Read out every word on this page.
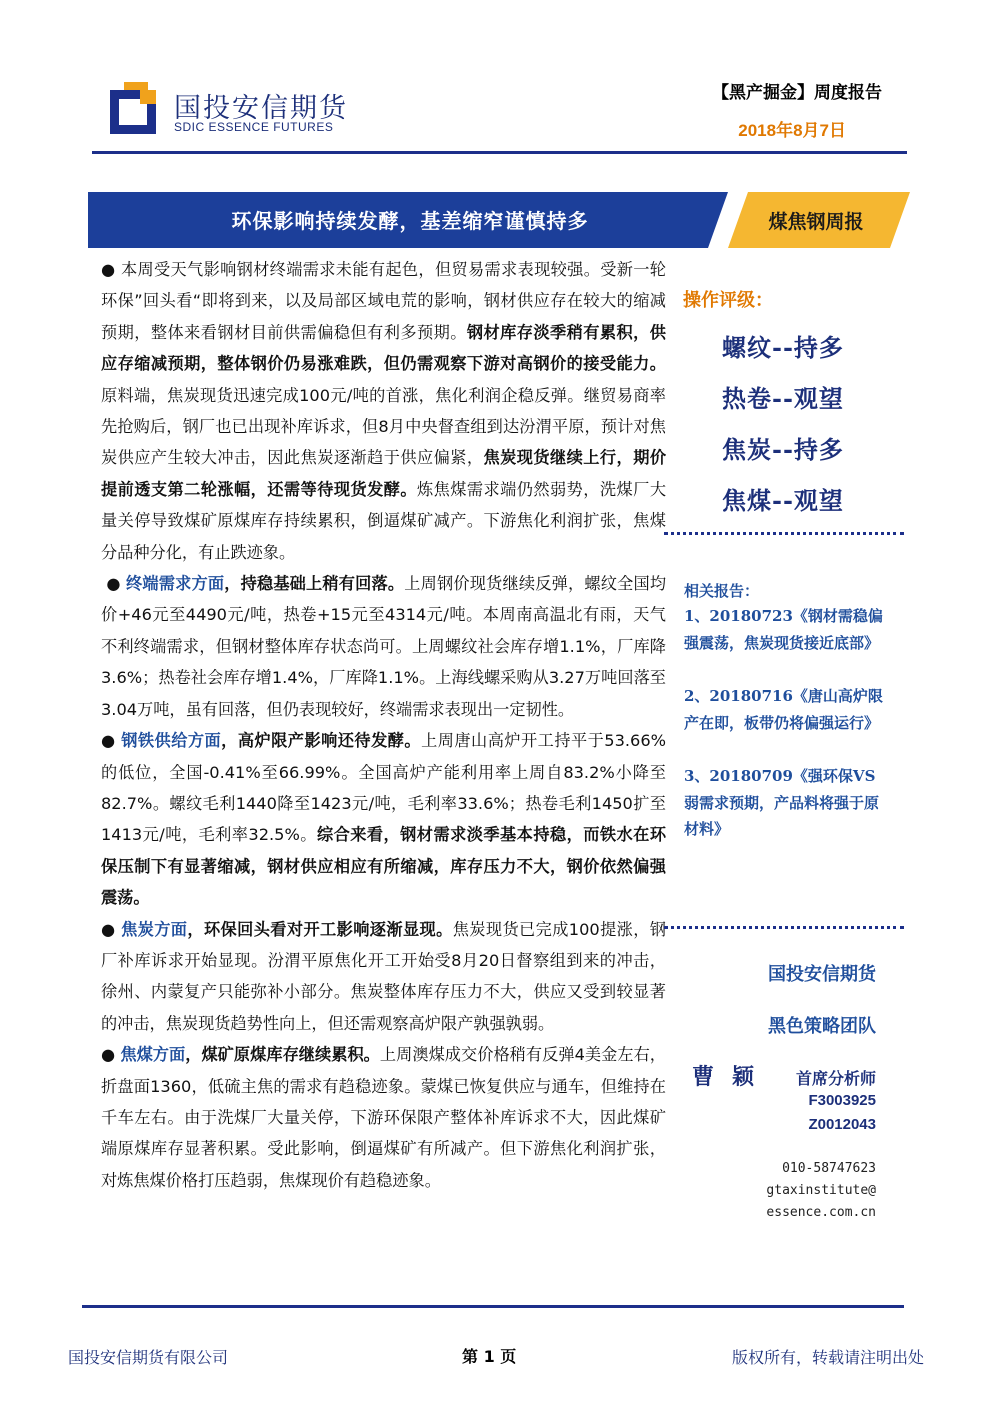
国投安信期货
SDIC ESSENCE FUTURES
【黑产掘金】周度报告
2018年8月7日
环保影响持续发酵，基差缩窄谨慎持多	煤焦钢周报

● 本周受天气影响钢材终端需求未能有起色，但贸易需求表现较强。受新一轮环保”回头看“即将到来，以及局部区域电荒的影响，钢材供应存在较大的缩减预期，整体来看钢材目前供需偏稳但有利多预期。钢材库存淡季稍有累积，供应存缩减预期，整体钢价仍易涨难跌，但仍需观察下游对高钢价的接受能力。原料端，焦炭现货迅速完成100元/吨的首涨，焦化利润企稳反弹。继贸易商率先抢购后，钢厂也已出现补库诉求，但8月中央督查组到达汾渭平原，预计对焦炭供应产生较大冲击，因此焦炭逐渐趋于供应偏紧，焦炭现货继续上行，期价提前透支第二轮涨幅，还需等待现货发酵。炼焦煤需求端仍然弱势，洗煤厂大量关停导致煤矿原煤库存持续累积，倒逼煤矿减产。下游焦化利润扩张，焦煤分品种分化，有止跌迹象。

● 终端需求方面，持稳基础上稍有回落。上周钢价现货继续反弹，螺纹全国均价+46元至4490元/吨，热卷+15元至4314元/吨。本周南高温北有雨，天气不利终端需求，但钢材整体库存状态尚可。上周螺纹社会库存增1.1%，厂库降3.6%；热卷社会库存增1.4%，厂库降1.1%。上海线螺采购从3.27万吨回落至3.04万吨，虽有回落，但仍表现较好，终端需求表现出一定韧性。

● 钢铁供给方面，高炉限产影响还待发酵。上周唐山高炉开工持平于53.66%的低位，全国-0.41%至66.99%。全国高炉产能利用率上周自83.2%小降至82.7%。螺纹毛利1440降至1423元/吨，毛利率33.6%；热卷毛利1450扩至1413元/吨，毛利率32.5%。综合来看，钢材需求淡季基本持稳，而铁水在环保压制下有显著缩减，钢材供应相应有所缩减，库存压力不大，钢价依然偏强震荡。

● 焦炭方面，环保回头看对开工影响逐渐显现。焦炭现货已完成100提涨，钢厂补库诉求开始显现。汾渭平原焦化开工开始受8月20日督察组到来的冲击，徐州、内蒙复产只能弥补小部分。焦炭整体库存压力不大，供应又受到较显著的冲击，焦炭现货趋势性向上，但还需观察高炉限产孰强孰弱。

● 焦煤方面，煤矿原煤库存继续累积。上周澳煤成交价格稍有反弹4美金左右，折盘面1360，低硫主焦的需求有趋稳迹象。蒙煤已恢复供应与通车，但维持在千车左右。由于洗煤厂大量关停，下游环保限产整体补库诉求不大，因此煤矿端原煤库存显著积累。受此影响，倒逼煤矿有所减产。但下游焦化利润扩张，对炼焦煤价格打压趋弱，焦煤现价有趋稳迹象。

操作评级：
螺纹--持多
热卷--观望
焦炭--持多
焦煤--观望
相关报告：
1、20180723《钢材需稳偏强震荡，焦炭现货接近底部》
2、20180716《唐山高炉限产在即，板带仍将偏强运行》
3、20180709《强环保VS弱需求预期，产品料将强于原材料》
国投安信期货
黑色策略团队
曹颖 首席分析师
F3003925
Z0012043
010-58747623
gtaxinstitute@
essence.com.cn
国投安信期货有限公司	第 1 页	版权所有，转载请注明出处
